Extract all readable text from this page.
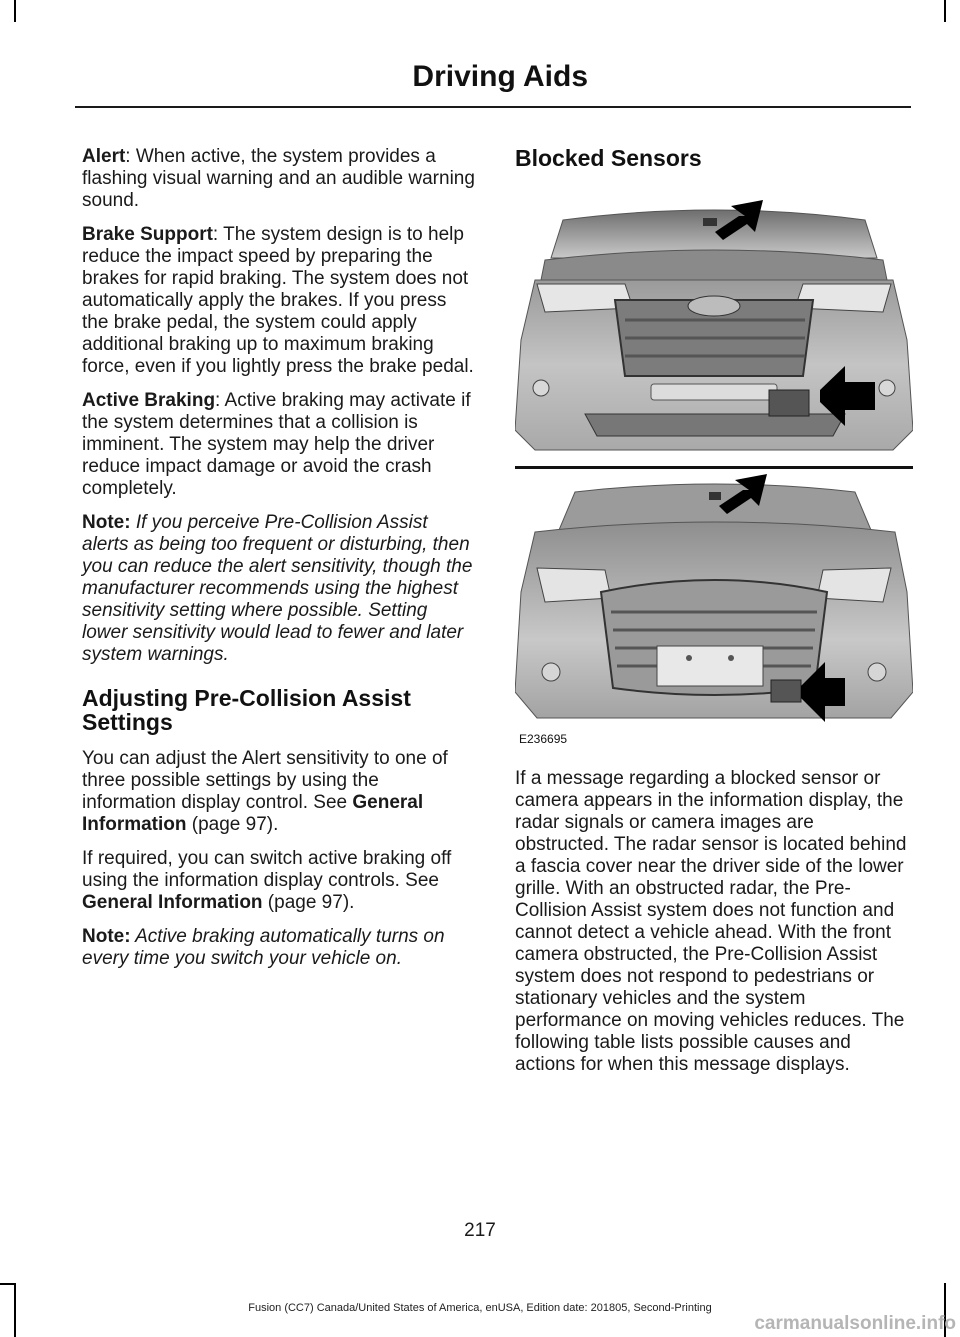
Driving Aids

Alert: When active, the system provides a flashing visual warning and an audible warning sound.

Brake Support: The system design is to help reduce the impact speed by preparing the brakes for rapid braking. The system does not automatically apply the brakes. If you press the brake pedal, the system could apply additional braking up to maximum braking force, even if you lightly press the brake pedal.

Active Braking: Active braking may activate if the system determines that a collision is imminent. The system may help the driver reduce impact damage or avoid the crash completely.

Note: If you perceive Pre-Collision Assist alerts as being too frequent or disturbing, then you can reduce the alert sensitivity, though the manufacturer recommends using the highest sensitivity setting where possible. Setting lower sensitivity would lead to fewer and later system warnings.

Adjusting Pre-Collision Assist Settings

You can adjust the Alert sensitivity to one of three possible settings by using the information display control. See General Information (page 97).

If required, you can switch active braking off using the information display controls. See General Information (page 97).

Note: Active braking automatically turns on every time you switch your vehicle on.

Blocked Sensors
E236695

If a message regarding a blocked sensor or camera appears in the information display, the radar signals or camera images are obstructed. The radar sensor is located behind a fascia cover near the driver side of the lower grille. With an obstructed radar, the Pre-Collision Assist system does not function and cannot detect a vehicle ahead. With the front camera obstructed, the Pre-Collision Assist system does not respond to pedestrians or stationary vehicles and the system performance on moving vehicles reduces. The following table lists possible causes and actions for when this message displays.

217
Fusion (CC7) Canada/United States of America, enUSA, Edition date: 201805, Second-Printing
carmanualsonline.info
